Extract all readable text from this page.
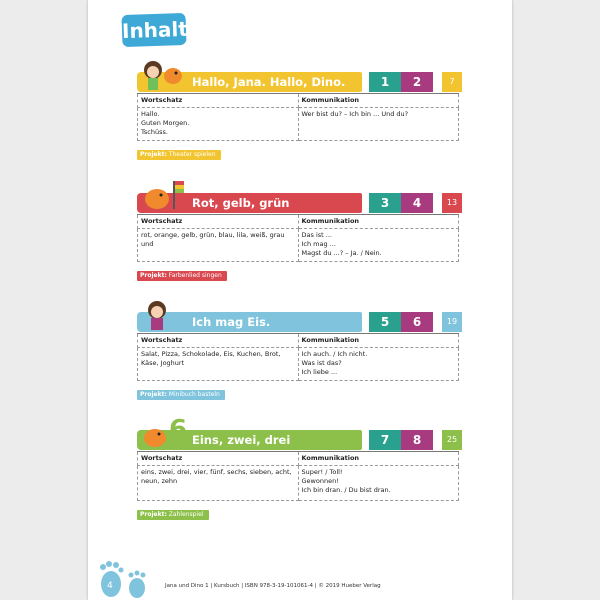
Inhalt
Hallo, Jana. Hallo, Dino.	1	2	7
Wortschatz	Kommunikation
Hallo.
Guten Morgen.
Tschüss.	Wer bist du? – Ich bin ... Und du?
Projekt: Theater spielen
Rot, gelb, grün	3	4	13
Wortschatz	Kommunikation
rot, orange, gelb, grün, blau, lila, weiß, grau und	Das ist ...
Ich mag ...
Magst du ...? – Ja. / Nein.
Projekt: Farbenlied singen
Ich mag Eis.	5	6	19
Wortschatz	Kommunikation
Salat, Pizza, Schokolade, Eis, Kuchen, Brot, Käse, Joghurt	Ich auch. / Ich nicht.
Was ist das?
Ich liebe ...
Projekt: Minibuch basteln
6 Eins, zwei, drei	7	8	25
Wortschatz	Kommunikation
eins, zwei, drei, vier, fünf, sechs, sieben, acht, neun, zehn	Super! / Toll!
Gewonnen!
Ich bin dran. / Du bist dran.
Projekt: Zahlenspiel
4	Jana und Dino 1 | Kursbuch | ISBN 978-3-19-101061-4 | © 2019 Hueber Verlag
